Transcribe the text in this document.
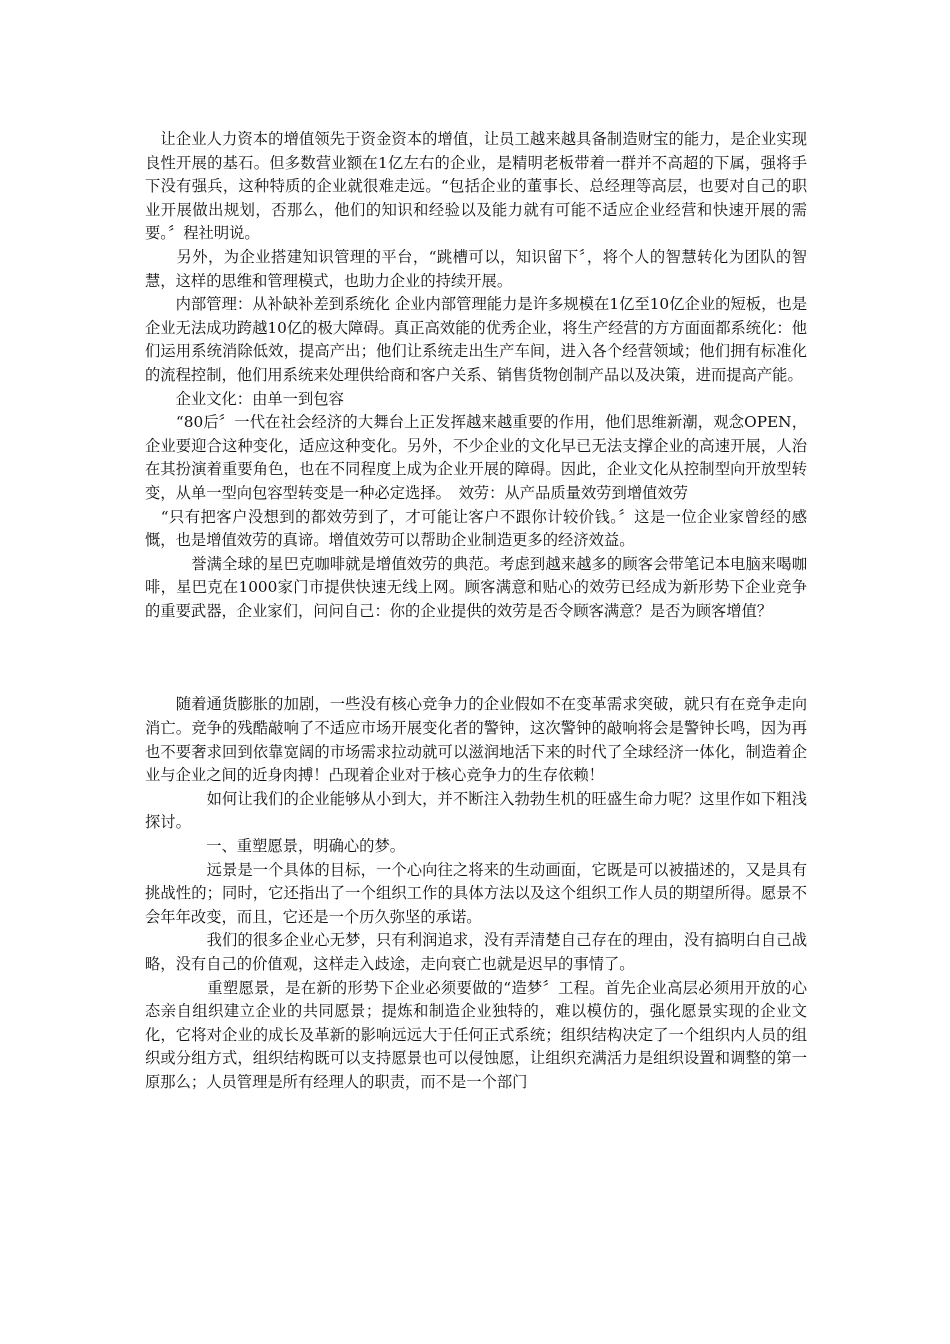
　让企业人力资本的增值领先于资金资本的增值，让员工越来越具备制造财宝的能力，是企业实现良性开展的基石。但多数营业额在1亿左右的企业，是精明老板带着一群并不高超的下属，强将手下没有强兵，这种特质的企业就很难走远。“包括企业的董事长、总经理等高层，也要对自己的职业开展做出规划，否那么，他们的知识和经验以及能力就有可能不适应企业经营和快速开展的需要。〞程社明说。

　　另外，为企业搭建知识管理的平台，“跳槽可以，知识留下〞，将个人的智慧转化为团队的智慧，这样的思维和管理模式，也助力企业的持续开展。

　　内部管理：从补缺补差到系统化 企业内部管理能力是许多规模在1亿至10亿企业的短板，也是企业无法成功跨越10亿的极大障碍。真正高效能的优秀企业，将生产经营的方方面面都系统化：他们运用系统消除低效，提高产出；他们让系统走出生产车间，进入各个经营领域；他们拥有标准化的流程控制，他们用系统来处理供给商和客户关系、销售货物创制产品以及决策，进而提高产能。

　　企业文化：由单一到包容

　　“80后〞一代在社会经济的大舞台上正发挥越来越重要的作用，他们思维新潮，观念OPEN，企业要迎合这种变化，适应这种变化。另外，不少企业的文化早已无法支撑企业的高速开展，人治在其扮演着重要角色，也在不同程度上成为企业开展的障碍。因此，企业文化从控制型向开放型转变，从单一型向包容型转变是一种必定选择。　效劳：从产品质量效劳到增值效劳

　“只有把客户没想到的都效劳到了，才可能让客户不跟你计较价钱。〞这是一位企业家曾经的感慨，也是增值效劳的真谛。增值效劳可以帮助企业制造更多的经济效益。

　　　誉满全球的星巴克咖啡就是增值效劳的典范。考虑到越来越多的顾客会带笔记本电脑来喝咖啡，星巴克在1000家门市提供快速无线上网。顾客满意和贴心的效劳已经成为新形势下企业竞争的重要武器，企业家们，问问自己：你的企业提供的效劳是否令顾客满意？是否为顾客增值？

　　随着通货膨胀的加剧，一些没有核心竞争力的企业假如不在变革需求突破，就只有在竞争走向消亡。竞争的残酷敲响了不适应市场开展变化者的警钟，这次警钟的敲响将会是警钟长鸣，因为再也不要奢求回到依靠宽阔的市场需求拉动就可以滋润地活下来的时代了全球经济一体化，制造着企业与企业之间的近身肉搏！凸现着企业对于核心竞争力的生存依赖！

　　　　如何让我们的企业能够从小到大，并不断注入勃勃生机的旺盛生命力呢？这里作如下粗浅探讨。

　　　　一、重塑愿景，明确心的梦。

　　　　远景是一个具体的目标，一个心向往之将来的生动画面，它既是可以被描述的，又是具有挑战性的；同时，它还指出了一个组织工作的具体方法以及这个组织工作人员的期望所得。愿景不会年年改变，而且，它还是一个历久弥坚的承诺。

　　　　我们的很多企业心无梦，只有利润追求，没有弄清楚自己存在的理由，没有搞明白自己战略，没有自己的价值观，这样走入歧途，走向衰亡也就是迟早的事情了。

　　　　重塑愿景，是在新的形势下企业必须要做的“造梦〞工程。首先企业高层必须用开放的心态亲自组织建立企业的共同愿景；提炼和制造企业独特的，难以模仿的，强化愿景实现的企业文化，它将对企业的成长及革新的影响远远大于任何正式系统；组织结构决定了一个组织内人员的组织或分组方式，组织结构既可以支持愿景也可以侵蚀愿，让组织充满活力是组织设置和调整的第一原那么；人员管理是所有经理人的职责，而不是一个部门
